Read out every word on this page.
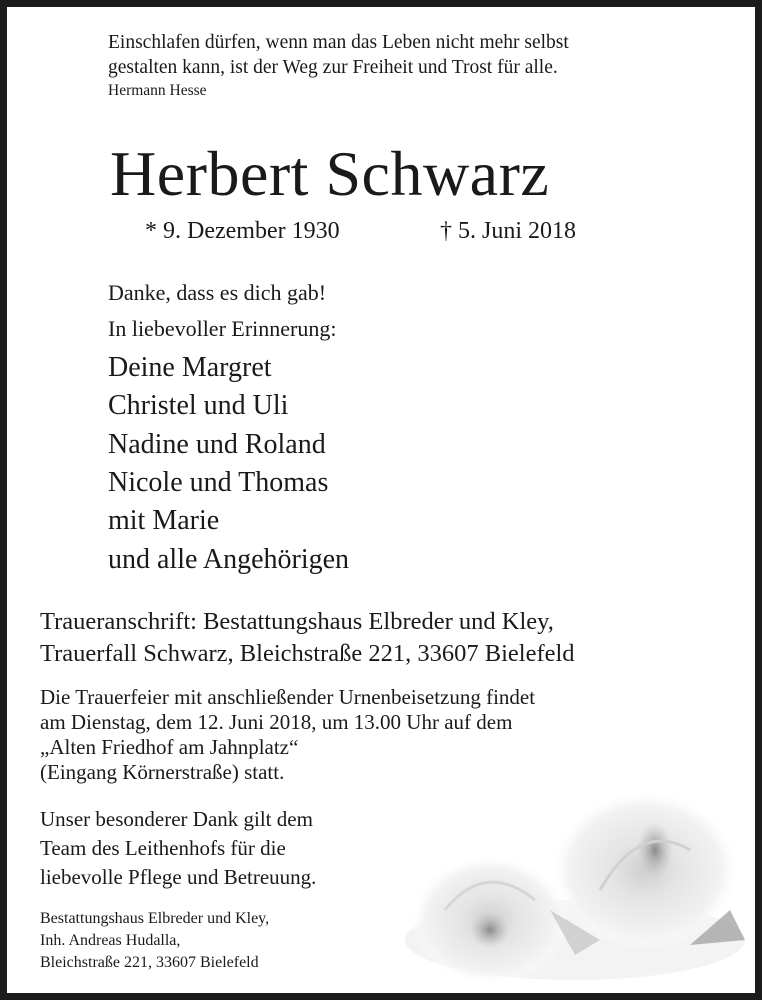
Einschlafen dürfen, wenn man das Leben nicht mehr selbst
gestalten kann, ist der Weg zur Freiheit und Trost für alle.
Hermann Hesse
Herbert Schwarz
* 9. Dezember 1930	† 5. Juni 2018
Danke, dass es dich gab!
In liebevoller Erinnerung:
Deine Margret
Christel und Uli
Nadine und Roland
Nicole und Thomas
mit Marie
und alle Angehörigen
Traueranschrift: Bestattungshaus Elbreder und Kley,
Trauerfall Schwarz, Bleichstraße 221, 33607 Bielefeld
Die Trauerfeier mit anschließender Urnenbeisetzung findet
am Dienstag, dem 12. Juni 2018, um 13.00 Uhr auf dem
„Alten Friedhof am Jahnplatz“
(Eingang Körnerstraße) statt.
Unser besonderer Dank gilt dem
Team des Leithenhofs für die
liebevolle Pflege und Betreuung.
Bestattungshaus Elbreder und Kley,
Inh. Andreas Hudalla,
Bleichstraße 221, 33607 Bielefeld
